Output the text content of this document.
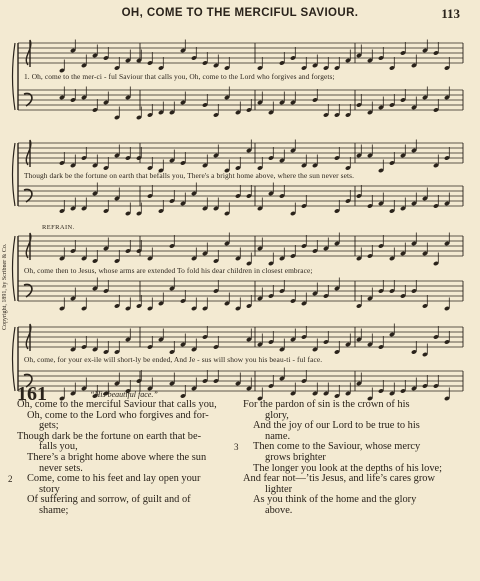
OH, COME TO THE MERCIFUL SAVIOUR.	113
Copyright, 1891, by Scribner & Co.
REFRAIN.
1. Oh, come to the mer-ci - ful Saviour that calls you, Oh, come to the Lord who forgives and forgets;
Though dark be the fortune on earth that befalls you, There's a bright home above, where the sun never sets.
Oh, come then to Jesus, whose arms are extended To fold his dear children in closest embrace;
Oh, come, for your ex-ile will short-ly be ended, And Je - sus will show you his beau-ti - ful face.
161	“His beautiful face.”
Oh, come to the merciful Saviour that calls you,
Oh, come to the Lord who forgives and for-
gets;
Though dark be the fortune on earth that be-
falls you,
There’s a bright home above where the sun
never sets.
2 Come, come to his feet and lay open your
story
Of suffering and sorrow, of guilt and of
shame;
For the pardon of sin is the crown of his
glory,
And the joy of our Lord to be true to his
name.
3 Then come to the Saviour, whose mercy
grows brighter
The longer you look at the depths of his love;
And fear not—’tis Jesus, and life’s cares grow
lighter
As you think of the home and the glory
above.
